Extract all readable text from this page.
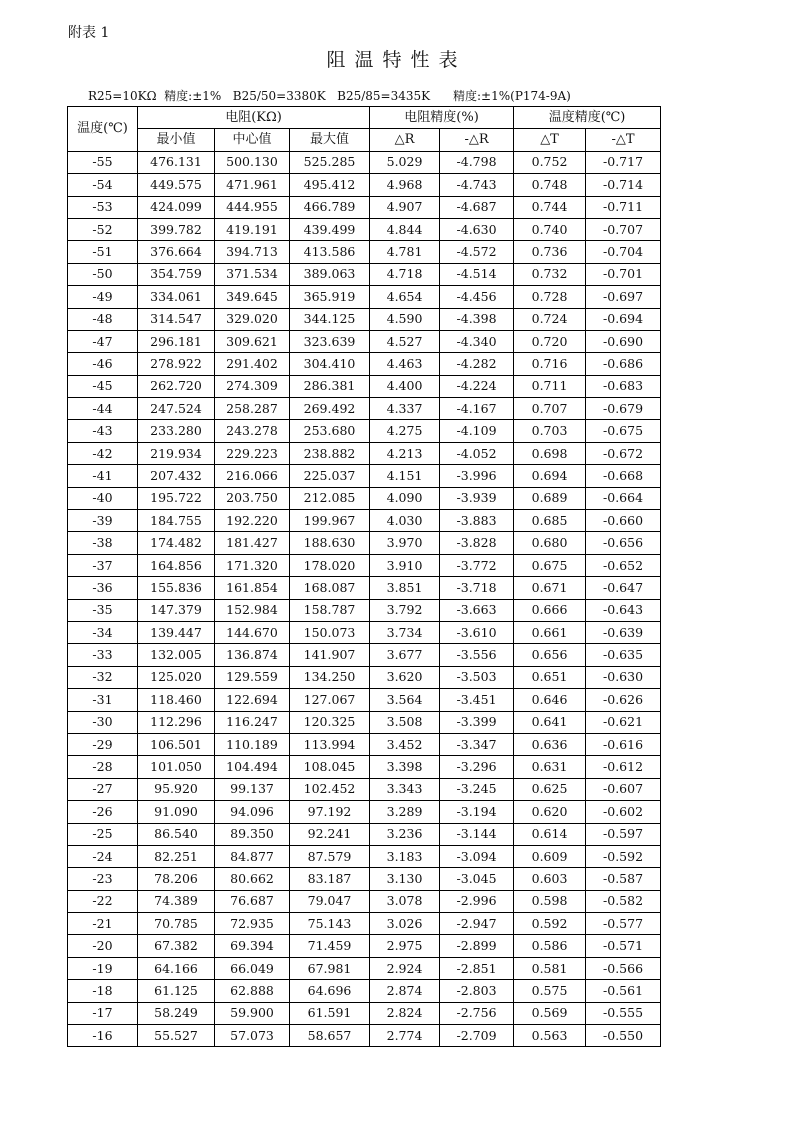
附表 1
阻温特性表
R25=10KΩ  精度:±1%   B25/50=3380K   B25/85=3435K      精度:±1%(P174-9A)
温度(℃)	电阻(KΩ)			电阻精度(%)		温度精度(℃)	
	最小值	中心值	最大值	△R	-△R	△T	-△T
-55	476.131	500.130	525.285	5.029	-4.798	0.752	-0.717
-54	449.575	471.961	495.412	4.968	-4.743	0.748	-0.714
-53	424.099	444.955	466.789	4.907	-4.687	0.744	-0.711
-52	399.782	419.191	439.499	4.844	-4.630	0.740	-0.707
-51	376.664	394.713	413.586	4.781	-4.572	0.736	-0.704
-50	354.759	371.534	389.063	4.718	-4.514	0.732	-0.701
-49	334.061	349.645	365.919	4.654	-4.456	0.728	-0.697
-48	314.547	329.020	344.125	4.590	-4.398	0.724	-0.694
-47	296.181	309.621	323.639	4.527	-4.340	0.720	-0.690
-46	278.922	291.402	304.410	4.463	-4.282	0.716	-0.686
-45	262.720	274.309	286.381	4.400	-4.224	0.711	-0.683
-44	247.524	258.287	269.492	4.337	-4.167	0.707	-0.679
-43	233.280	243.278	253.680	4.275	-4.109	0.703	-0.675
-42	219.934	229.223	238.882	4.213	-4.052	0.698	-0.672
-41	207.432	216.066	225.037	4.151	-3.996	0.694	-0.668
-40	195.722	203.750	212.085	4.090	-3.939	0.689	-0.664
-39	184.755	192.220	199.967	4.030	-3.883	0.685	-0.660
-38	174.482	181.427	188.630	3.970	-3.828	0.680	-0.656
-37	164.856	171.320	178.020	3.910	-3.772	0.675	-0.652
-36	155.836	161.854	168.087	3.851	-3.718	0.671	-0.647
-35	147.379	152.984	158.787	3.792	-3.663	0.666	-0.643
-34	139.447	144.670	150.073	3.734	-3.610	0.661	-0.639
-33	132.005	136.874	141.907	3.677	-3.556	0.656	-0.635
-32	125.020	129.559	134.250	3.620	-3.503	0.651	-0.630
-31	118.460	122.694	127.067	3.564	-3.451	0.646	-0.626
-30	112.296	116.247	120.325	3.508	-3.399	0.641	-0.621
-29	106.501	110.189	113.994	3.452	-3.347	0.636	-0.616
-28	101.050	104.494	108.045	3.398	-3.296	0.631	-0.612
-27	95.920	99.137	102.452	3.343	-3.245	0.625	-0.607
-26	91.090	94.096	97.192	3.289	-3.194	0.620	-0.602
-25	86.540	89.350	92.241	3.236	-3.144	0.614	-0.597
-24	82.251	84.877	87.579	3.183	-3.094	0.609	-0.592
-23	78.206	80.662	83.187	3.130	-3.045	0.603	-0.587
-22	74.389	76.687	79.047	3.078	-2.996	0.598	-0.582
-21	70.785	72.935	75.143	3.026	-2.947	0.592	-0.577
-20	67.382	69.394	71.459	2.975	-2.899	0.586	-0.571
-19	64.166	66.049	67.981	2.924	-2.851	0.581	-0.566
-18	61.125	62.888	64.696	2.874	-2.803	0.575	-0.561
-17	58.249	59.900	61.591	2.824	-2.756	0.569	-0.555
-16	55.527	57.073	58.657	2.774	-2.709	0.563	-0.550
